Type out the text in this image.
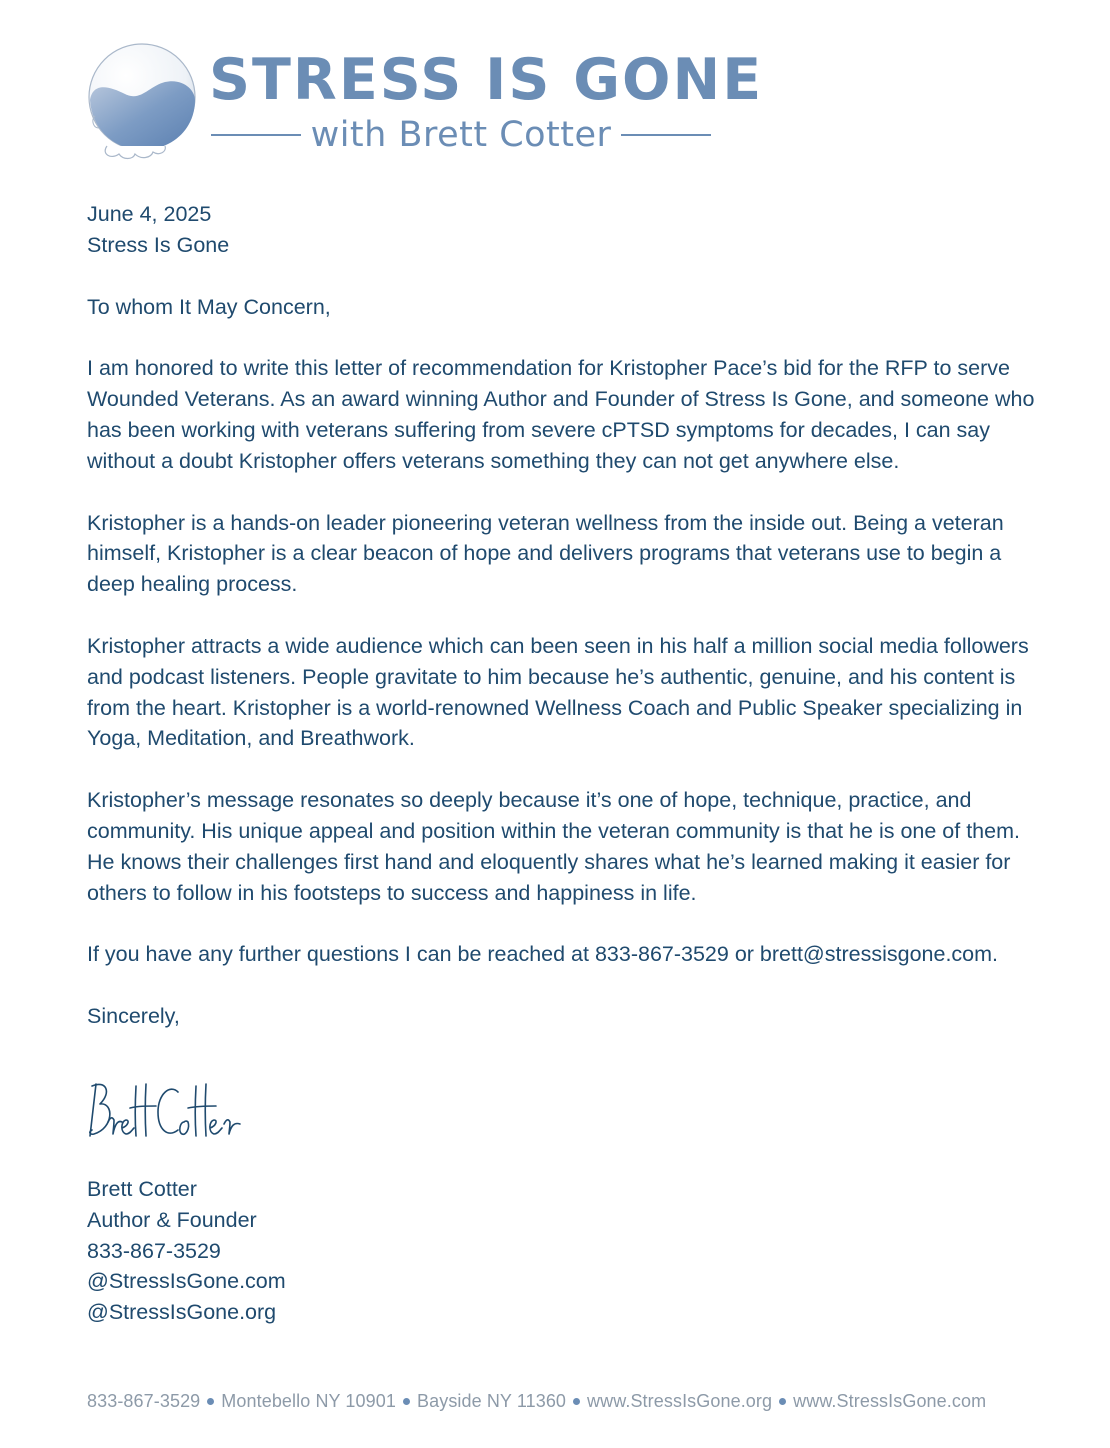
STRESS IS GONE
with Brett Cotter

June 4, 2025

Stress Is Gone

To whom It May Concern,

I am honored to write this letter of recommendation for Kristopher Pace’s bid for the RFP to serve Wounded Veterans. As an award winning Author and Founder of Stress Is Gone, and someone who has been working with veterans suffering from severe cPTSD symptoms for decades, I can say without a doubt Kristopher offers veterans something they can not get anywhere else.

Kristopher is a hands-on leader pioneering veteran wellness from the inside out. Being a veteran himself, Kristopher is a clear beacon of hope and delivers programs that veterans use to begin a deep healing process.

Kristopher attracts a wide audience which can been seen in his half a million social media followers and podcast listeners. People gravitate to him because he’s authentic, genuine, and his content is from the heart. Kristopher is a world-renowned Wellness Coach and Public Speaker specializing in Yoga, Meditation, and Breathwork.

Kristopher’s message resonates so deeply because it’s one of hope, technique, practice, and community. His unique appeal and position within the veteran community is that he is one of them. He knows their challenges first hand and eloquently shares what he’s learned making it easier for others to follow in his footsteps to success and happiness in life.

If you have any further questions I can be reached at 833-867-3529 or brett@stressisgone.com.

Sincerely,

Brett Cotter
Author & Founder
833-867-3529
@StressIsGone.com
@StressIsGone.org
833-867-3529 Montebello NY 10901 Bayside NY 11360 www.StressIsGone.org www.StressIsGone.com
